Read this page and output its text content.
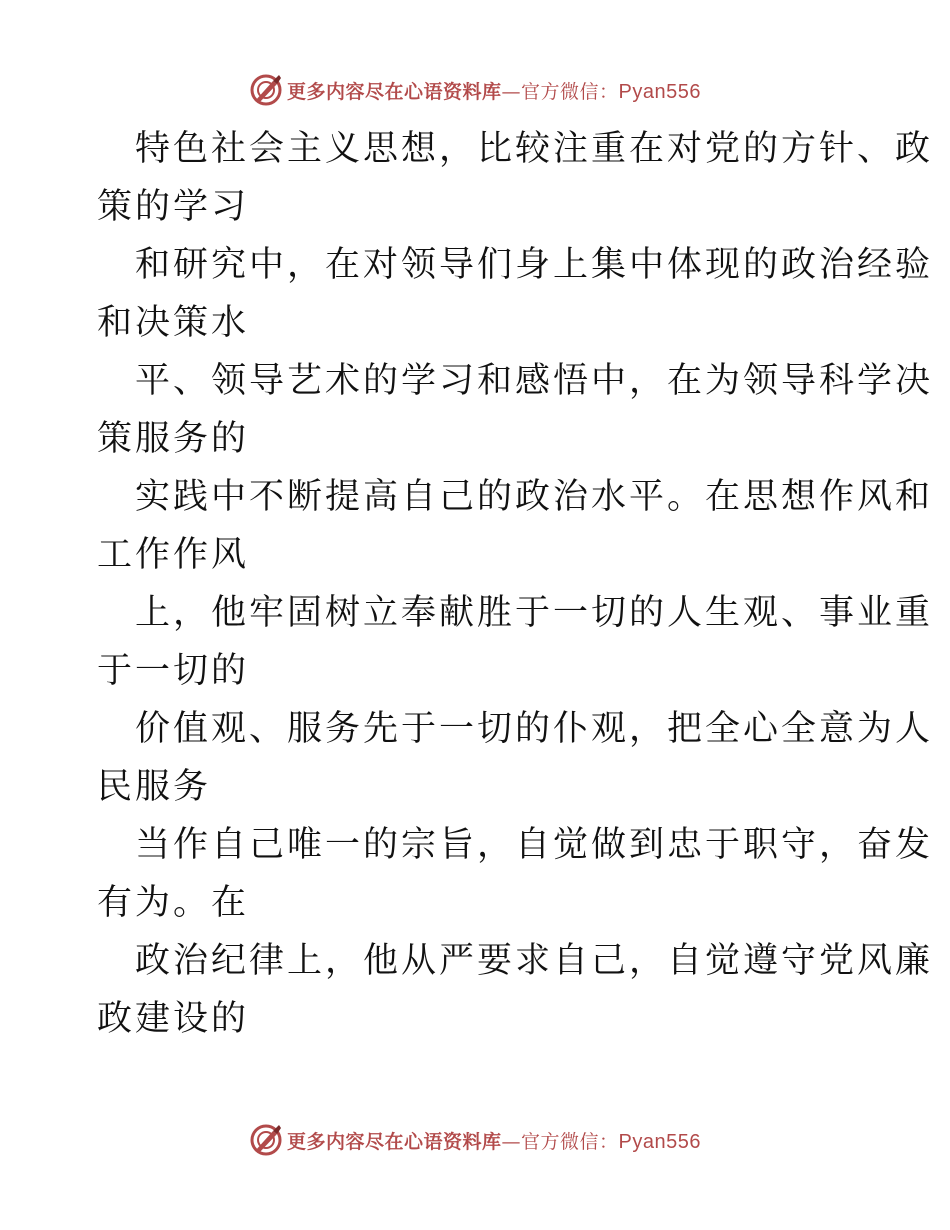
更多内容尽在心语资料库—官方微信：Pyan556

特色社会主义思想，比较注重在对党的方针、政
策的学习

和研究中，在对领导们身上集中体现的政治经验
和决策水

平、领导艺术的学习和感悟中，在为领导科学决
策服务的

实践中不断提高自己的政治水平。在思想作风和
工作作风

上，他牢固树立奉献胜于一切的人生观、事业重
于一切的

价值观、服务先于一切的仆观，把全心全意为人
民服务

当作自己唯一的宗旨，自觉做到忠于职守，奋发
有为。在

政治纪律上，他从严要求自己，自觉遵守党风廉
政建设的

更多内容尽在心语资料库—官方微信：Pyan556
